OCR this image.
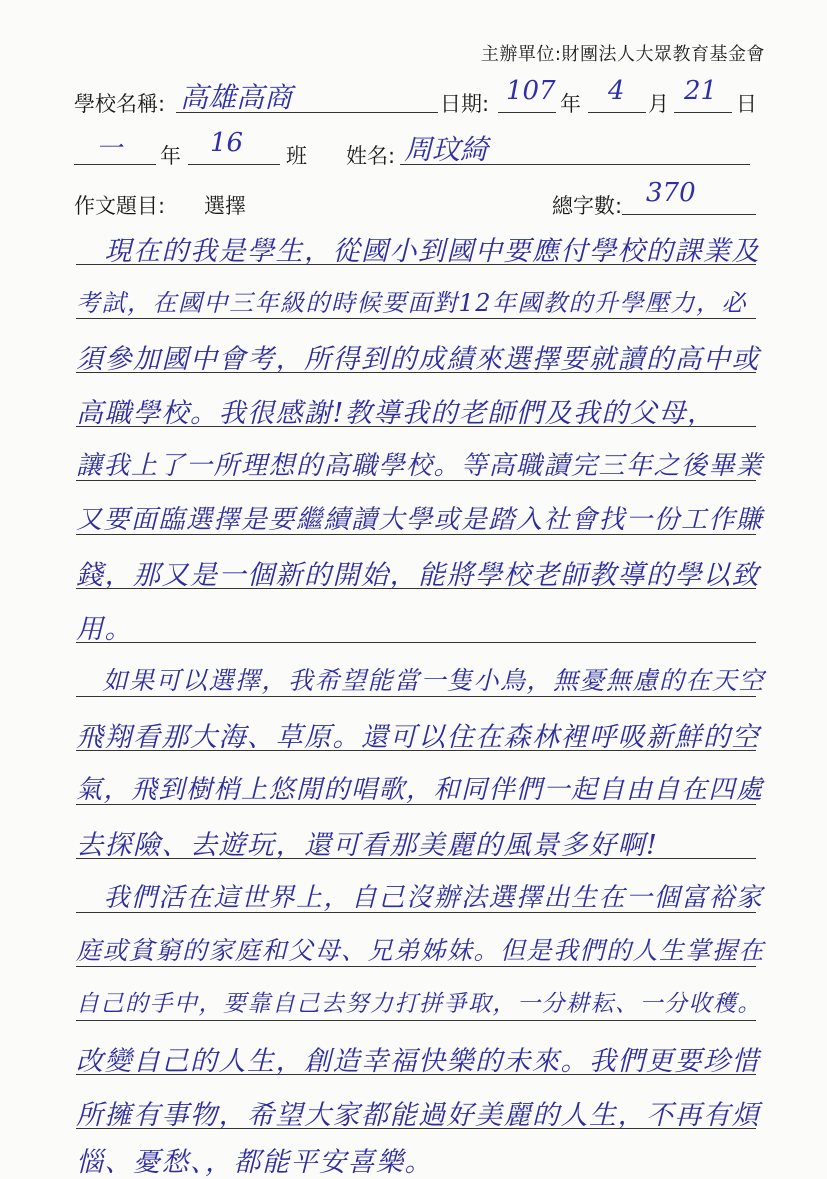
主辦單位:財團法人大眾教育基金會
學校名稱: 高雄高商	日期: 107 年 4 月 21 日
一 年 16 班 姓名: 周玟綺
作文題目: 選擇	總字數: 370
　現在的我是學生，從國小到國中要應付學校的課業及
考試，在國中三年級的時候要面對12年國教的升學壓力，必
須參加國中會考，所得到的成績來選擇要就讀的高中或
高職學校。我很感謝!教導我的老師們及我的父母，
讓我上了一所理想的高職學校。等高職讀完三年之後畢業
又要面臨選擇是要繼續讀大學或是踏入社會找一份工作賺
錢，那又是一個新的開始，能將學校老師教導的學以致
用。
　如果可以選擇，我希望能當一隻小鳥，無憂無慮的在天空
飛翔看那大海、草原。還可以住在森林裡呼吸新鮮的空
氣，飛到樹梢上悠閒的唱歌，和同伴們一起自由自在四處
去探險、去遊玩，還可看那美麗的風景多好啊!
　我們活在這世界上，自己沒辦法選擇出生在一個富裕家
庭或貧窮的家庭和父母、兄弟姊妹。但是我們的人生掌握在
自己的手中，要靠自己去努力打拼爭取，一分耕耘、一分收穫。
改變自己的人生，創造幸福快樂的未來。我們更要珍惜
所擁有事物，希望大家都能過好美麗的人生，不再有煩
惱、憂愁、，都能平安喜樂。
